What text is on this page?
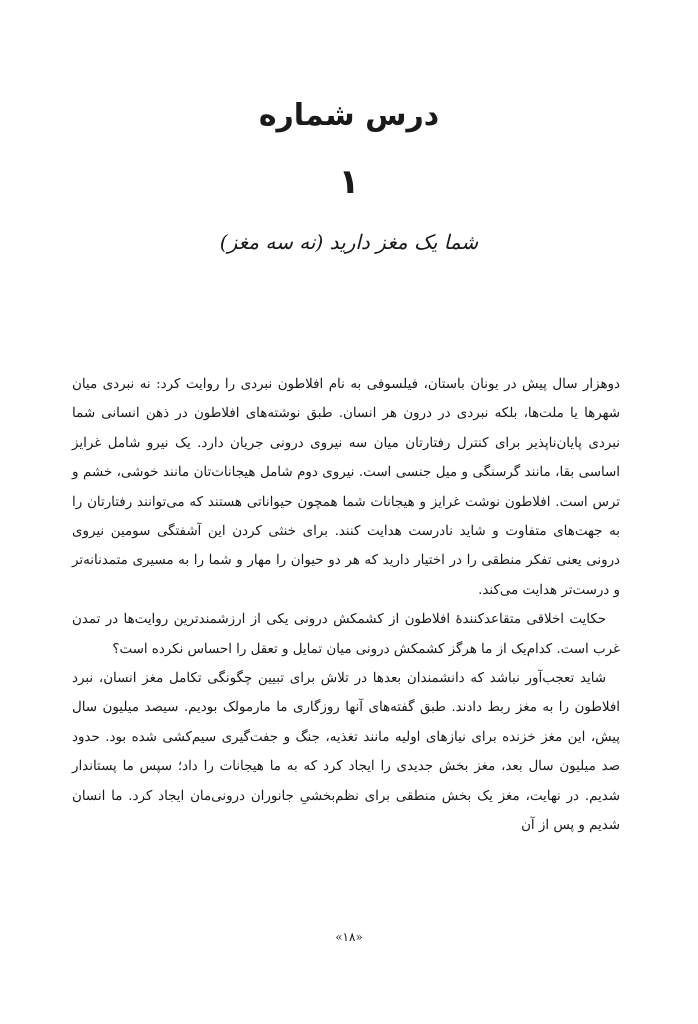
درس شماره
۱
شما یک مغز دارید (نه سه مغز)

دوهزار سال پیش در یونان باستان، فیلسوفی به نام افلاطون نبردی را روایت کرد: نه نبردی میان شهرها یا ملت‌ها، بلکه نبردی در درون هر انسان. طبق نوشته‌های افلاطون در ذهن انسانی شما نبردی پایان‌ناپذیر برای کنترل رفتارتان میان سه نیروی درونی جریان دارد. یک نیرو شامل غرایز اساسی بقا، مانند گرسنگی و میل جنسی است. نیروی دوم شامل هیجانات‌تان مانند خوشی، خشم و ترس است. افلاطون نوشت غرایز و هیجانات شما همچون حیواناتی هستند که می‌توانند رفتارتان را به جهت‌های متفاوت و شاید نادرست هدایت کنند. برای خنثی کردن این آشفتگی سومین نیروی درونی یعنی تفکر منطقی را در اختیار دارید که هر دو حیوان را مهار و شما را به مسیری متمدنانه‌تر و درست‌تر هدایت می‌کند.

حکایت اخلاقی متقاعدکنندهٔ افلاطون از کشمکش درونی یکی از ارزشمندترین روایت‌ها در تمدن غرب است. کدام‌یک از ما هرگز کشمکش درونی میان تمایل و تعقل را احساس نکرده است؟

شاید تعجب‌آور نباشد که دانشمندان بعدها در تلاش برای تبیین چگونگی تکامل مغز انسان، نبرد افلاطون را به مغز ربط دادند. طبق گفته‌های آنها روزگاری ما مارمولک بودیم. سیصد میلیون سال پیش، این مغز خزنده برای نیازهای اولیه مانند تغذیه، جنگ و جفت‌گیری سیم‌کشی شده بود. حدود صد میلیون سال بعد، مغز بخش جدیدی را ایجاد کرد که به ما هیجانات را داد؛ سپس ما پستاندار شدیم. در نهایت، مغز یک بخش منطقی برای نظم‌بخشیِ جانوران درونی‌مان ایجاد کرد. ما انسان شدیم و پس از آن

«۱۸»
